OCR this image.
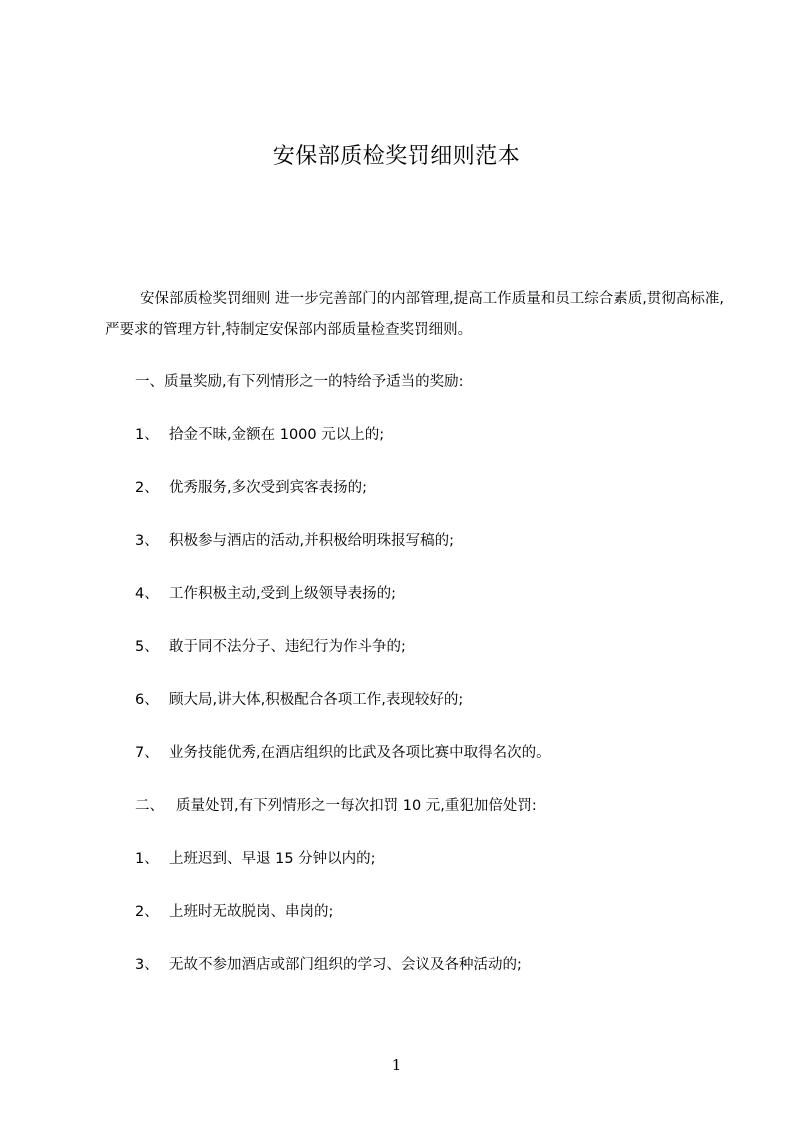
安保部质检奖罚细则范本
安保部质检奖罚细则 进一步完善部门的内部管理,提高工作质量和员工综合素质,贯彻高标准,严要求的管理方针,特制定安保部内部质量检查奖罚细则。
一、质量奖励,有下列情形之一的特给予适当的奖励:
1、 拾金不昧,金额在 1000 元以上的;
2、 优秀服务,多次受到宾客表扬的;
3、 积极参与酒店的活动,并积极给明珠报写稿的;
4、 工作积极主动,受到上级领导表扬的;
5、 敢于同不法分子、违纪行为作斗争的;
6、 顾大局,讲大体,积极配合各项工作,表现较好的;
7、 业务技能优秀,在酒店组织的比武及各项比赛中取得名次的。
二、 质量处罚,有下列情形之一每次扣罚 10 元,重犯加倍处罚:
1、 上班迟到、早退 15 分钟以内的;
2、 上班时无故脱岗、串岗的;
3、 无故不参加酒店或部门组织的学习、会议及各种活动的;
1
